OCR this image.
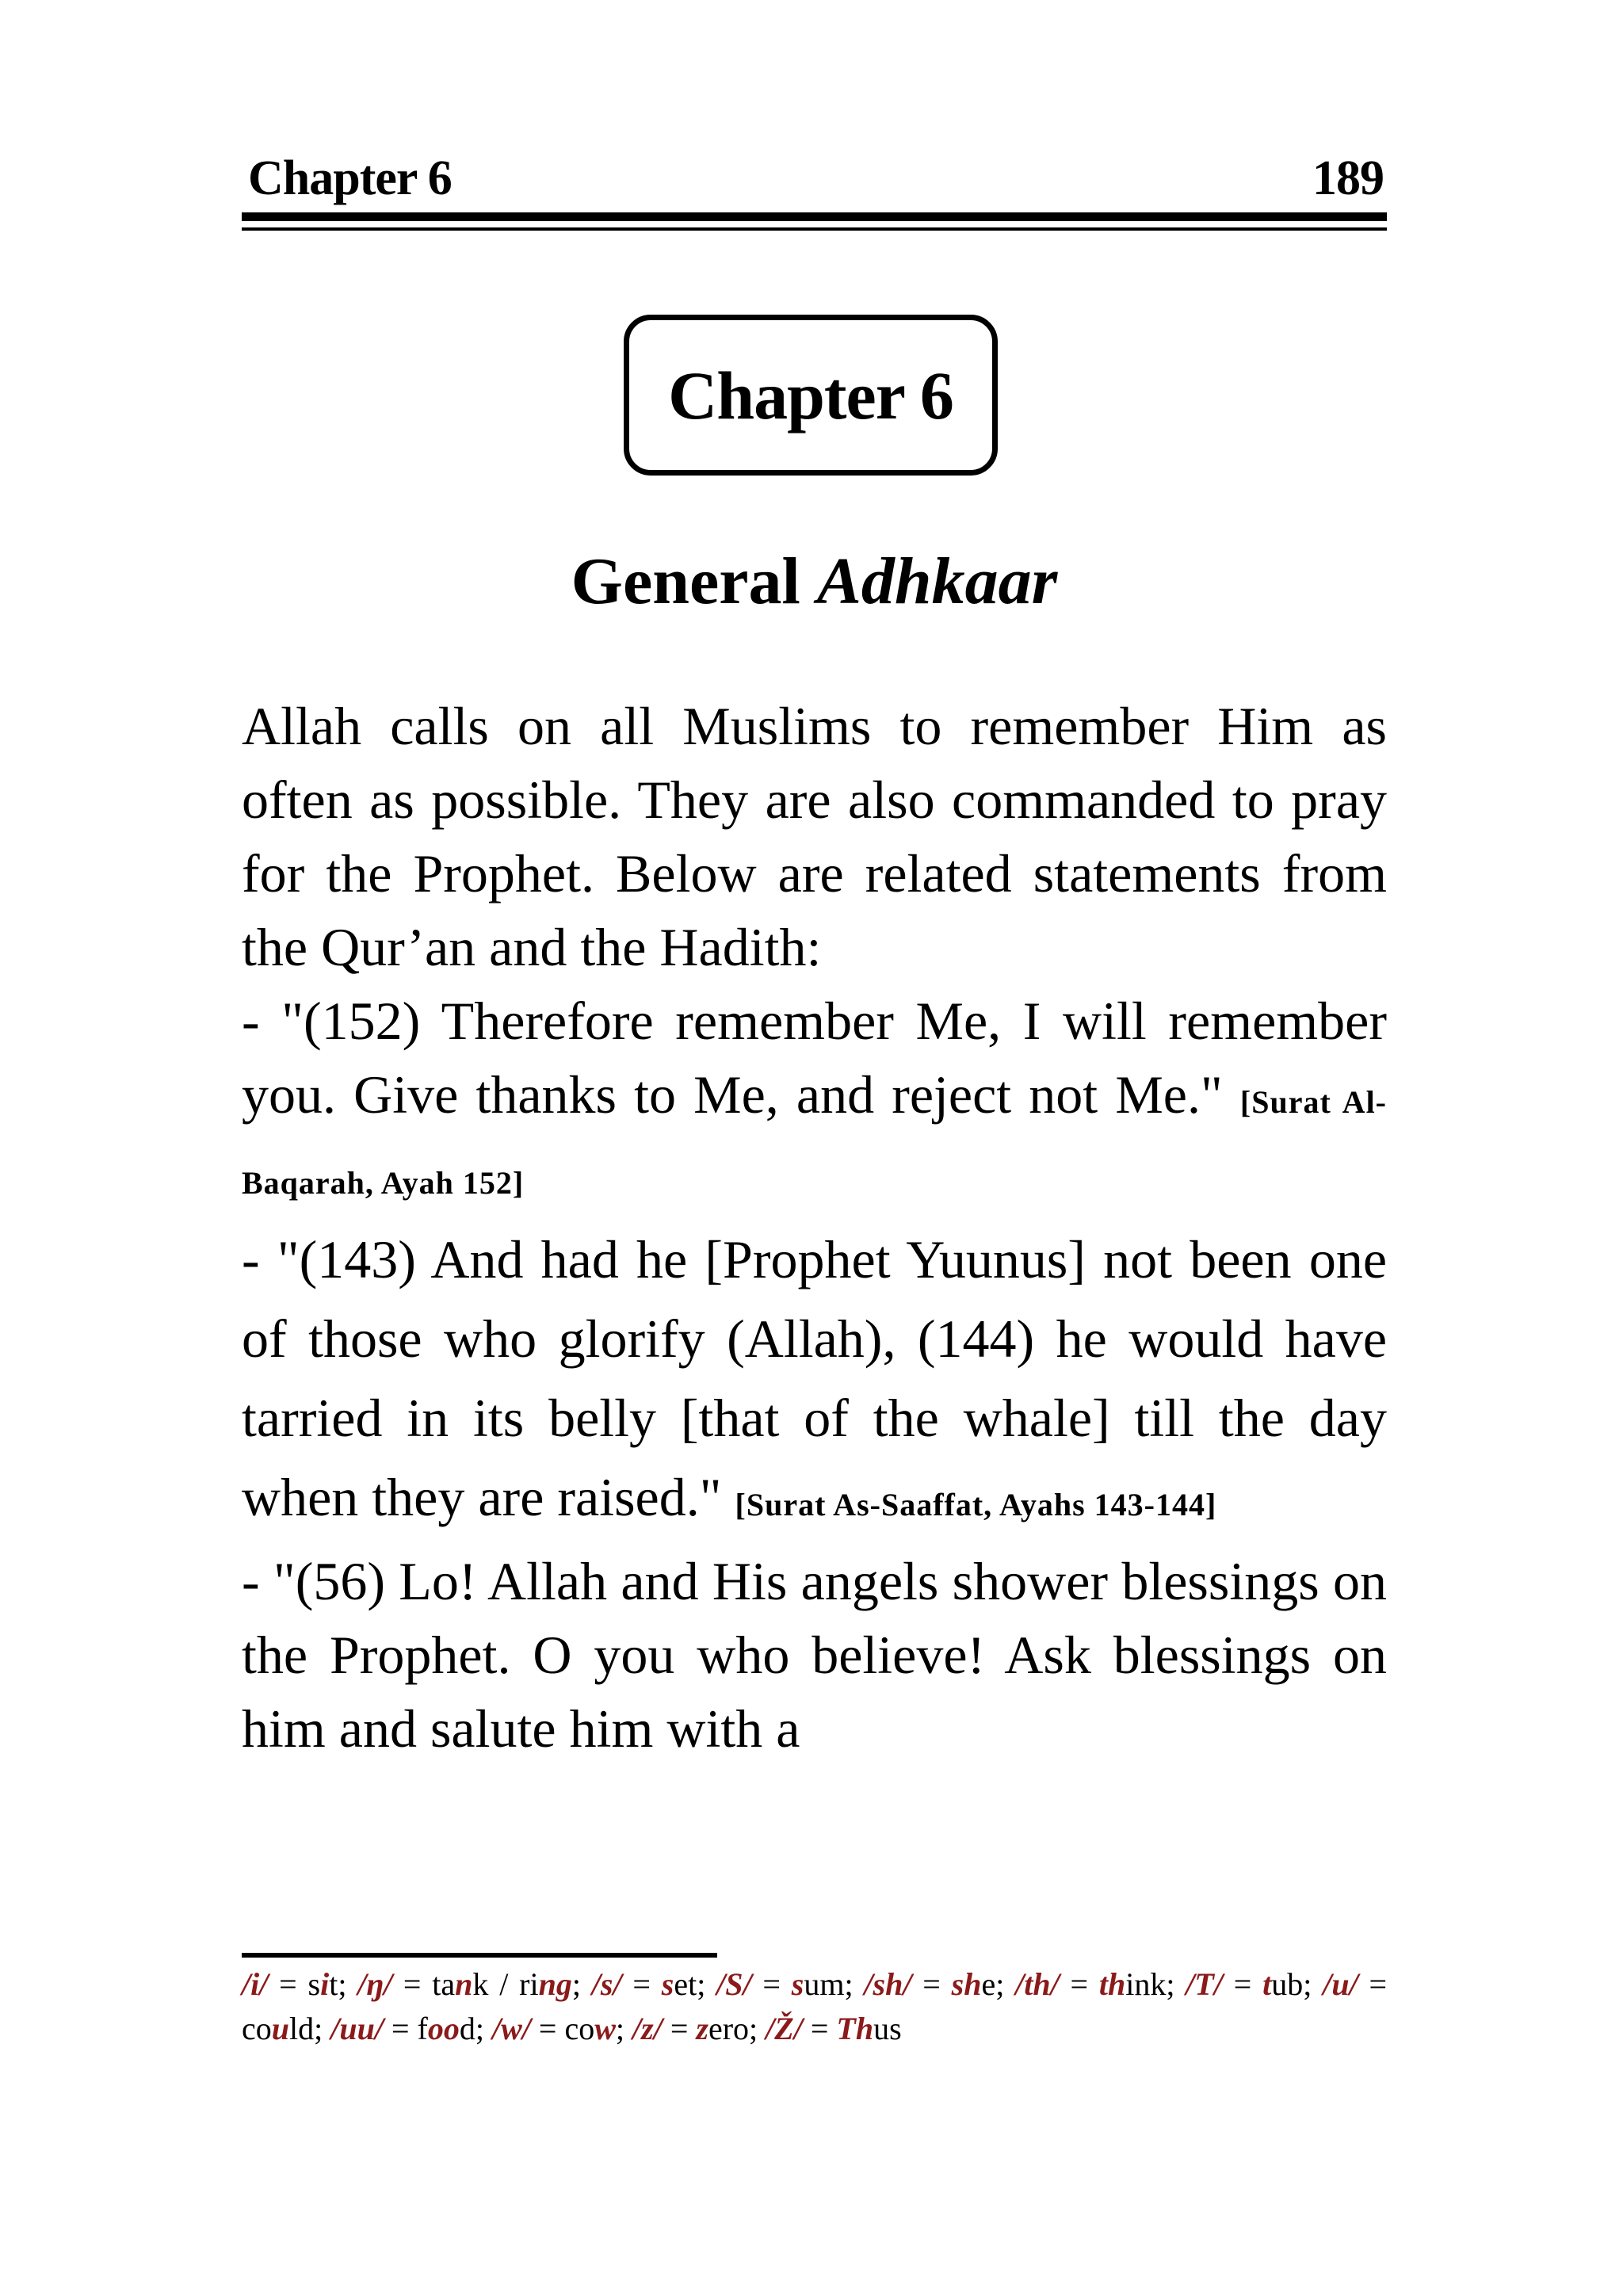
Chapter 6	189
Chapter 6
General Adhkaar

Allah calls on all Muslims to remember Him as often as possible. They are also commanded to pray for the Prophet. Below are related statements from the Qur’an and the Hadith:

- "(152) Therefore remember Me, I will remember you. Give thanks to Me, and reject not Me." [Surat Al-Baqarah, Ayah 152]

- "(143) And had he [Prophet Yuunus] not been one of those who glorify (Allah), (144) he would have tarried in its belly [that of the whale] till the day when they are raised." [Surat As-Saaffat, Ayahs 143-144]

- "(56) Lo! Allah and His angels shower blessings on the Prophet. O you who believe! Ask blessings on him and salute him with a

/i/ = sit; /ŋ/ = tank / ring; /s/ = set; /S/ = sum; /sh/ = she; /th/ = think; /T/ = tub; /u/ = could; /uu/ = food; /w/ = cow; /z/ = zero; /Ž/ = Thus
